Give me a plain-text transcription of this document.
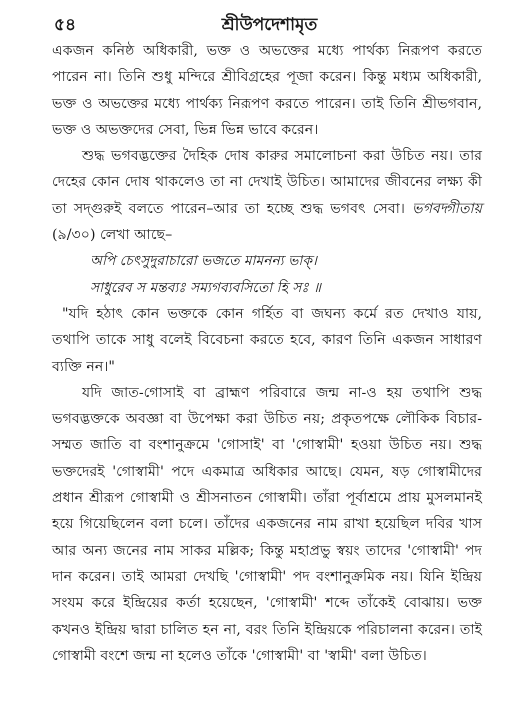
৫৪	শ্রীউপদেশামৃত

একজন কনিষ্ঠ অধিকারী, ভক্ত ও অভক্তের মধ্যে পার্থক্য নিরূপণ করতে পারেন না। তিনি শুধু মন্দিরে শ্রীবিগ্রহের পূজা করেন। কিন্তু মধ্যম অধিকারী, ভক্ত ও অভক্তের মধ্যে পার্থক্য নিরূপণ করতে পারেন। তাই তিনি শ্রীভগবান, ভক্ত ও অভক্তদের সেবা, ভিন্ন ভিন্ন ভাবে করেন।

শুদ্ধ ভগবদ্ভক্তের দৈহিক দোষ কারুর সমালোচনা করা উচিত নয়। তার দেহের কোন দোষ থাকলেও তা না দেখাই উচিত। আমাদের জীবনের লক্ষ্য কী তা সদ্গুরুই বলতে পারেন–আর তা হচ্ছে শুদ্ধ ভগবৎ সেবা। ভগবদ্গীতায় (৯/৩০) লেখা আছে–

অপি চেৎসুদুরাচারো ভজতে মামনন্য ভাক্।
সাধুরেব স মন্তব্যঃ সম্যগব্যবসিতো হি সঃ ॥

"যদি হঠাৎ কোন ভক্তকে কোন গর্হিত বা জঘন্য কর্মে রত দেখাও যায়, তথাপি তাকে সাধু বলেই বিবেচনা করতে হবে, কারণ তিনি একজন সাধারণ ব্যক্তি নন।"

যদি জাত-গোসাই বা ব্রাহ্মণ পরিবারে জন্ম না-ও হয় তথাপি শুদ্ধ ভগবদ্ভক্তকে অবজ্ঞা বা উপেক্ষা করা উচিত নয়; প্রকৃতপক্ষে লৌকিক বিচার-সম্মত জাতি বা বংশানুক্রমে 'গোসাই' বা 'গোস্বামী' হওয়া উচিত নয়। শুদ্ধ ভক্তদেরই 'গোস্বামী' পদে একমাত্র অধিকার আছে। যেমন, ষড় গোস্বামীদের প্রধান শ্রীরূপ গোস্বামী ও শ্রীসনাতন গোস্বামী। তাঁরা পূর্বাশ্রমে প্রায় মুসলমানই হয়ে গিয়েছিলেন বলা চলে। তাঁদের একজনের নাম রাখা হয়েছিল দবির খাস আর অন্য জনের নাম সাকর মল্লিক; কিন্তু মহাপ্রভু স্বয়ং তাদের 'গোস্বামী' পদ দান করেন। তাই আমরা দেখছি 'গোস্বামী' পদ বংশানুক্রমিক নয়। যিনি ইন্দ্রিয় সংযম করে ইন্দ্রিয়ের কর্তা হয়েছেন, 'গোস্বামী' শব্দে তাঁকেই বোঝায়। ভক্ত কখনও ইন্দ্রিয় দ্বারা চালিত হন না, বরং তিনি ইন্দ্রিয়কে পরিচালনা করেন। তাই গোস্বামী বংশে জন্ম না হলেও তাঁকে 'গোস্বামী' বা 'স্বামী' বলা উচিত।
